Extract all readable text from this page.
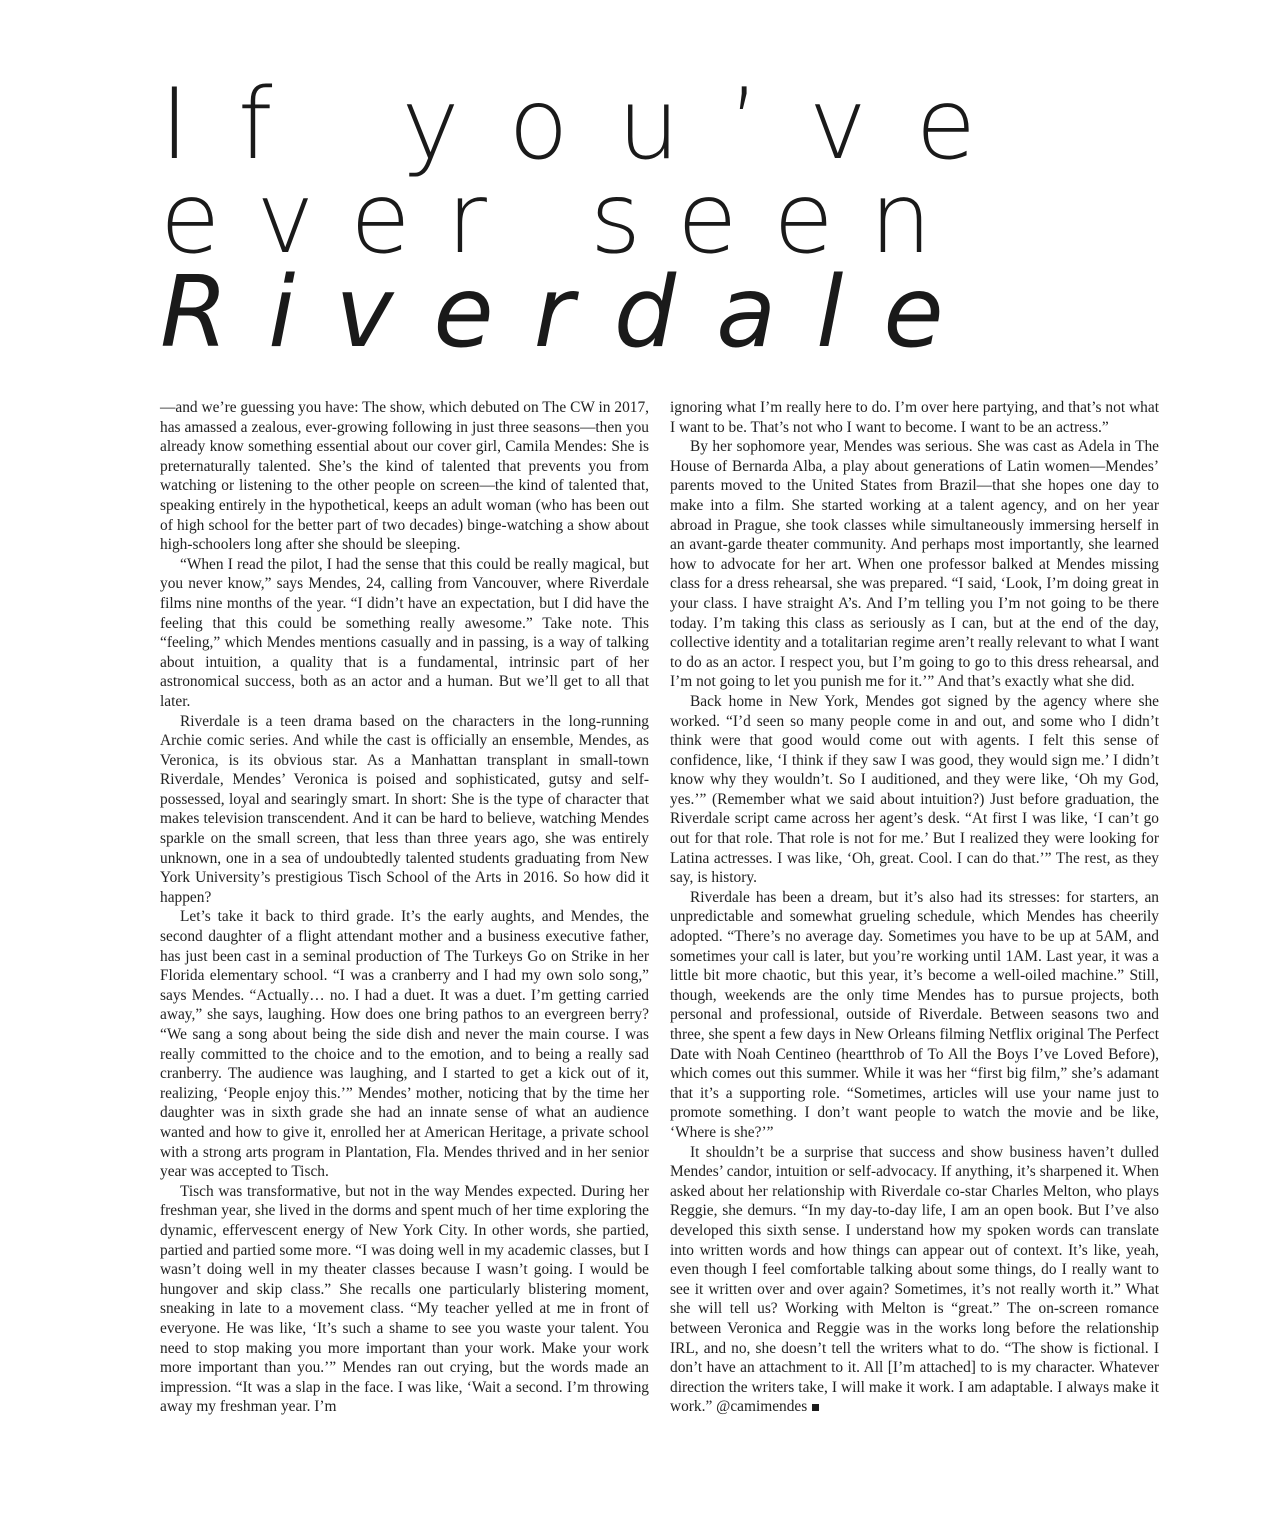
If you’ve
ever seen
Riverdale

—and we’re guessing you have: The show, which debuted on The CW in 2017, has amassed a zealous, ever-growing following in just three seasons—then you already know something essential about our cover girl, Camila Mendes: She is preternaturally talented. She’s the kind of talented that prevents you from watching or listening to the other people on screen—the kind of talented that, speaking entirely in the hypothetical, keeps an adult woman (who has been out of high school for the better part of two decades) binge-watching a show about high-schoolers long after she should be sleeping.

“When I read the pilot, I had the sense that this could be really magical, but you never know,” says Mendes, 24, calling from Vancouver, where Riverdale films nine months of the year. “I didn’t have an expectation, but I did have the feeling that this could be something really awesome.” Take note. This “feeling,” which Mendes mentions casually and in passing, is a way of talking about intuition, a quality that is a fundamental, intrinsic part of her astronomical success, both as an actor and a human. But we’ll get to all that later.

Riverdale is a teen drama based on the characters in the long-running Archie comic series. And while the cast is officially an ensemble, Mendes, as Veronica, is its obvious star. As a Manhattan transplant in small-town Riverdale, Mendes’ Veronica is poised and sophisticated, gutsy and self-possessed, loyal and searingly smart. In short: She is the type of character that makes television transcendent. And it can be hard to believe, watching Mendes sparkle on the small screen, that less than three years ago, she was entirely unknown, one in a sea of undoubtedly talented students graduating from New York University’s prestigious Tisch School of the Arts in 2016. So how did it happen?

Let’s take it back to third grade. It’s the early aughts, and Mendes, the second daughter of a flight attendant mother and a business executive father, has just been cast in a seminal production of The Turkeys Go on Strike in her Florida elementary school. “I was a cranberry and I had my own solo song,” says Mendes. “Actually… no. I had a duet. It was a duet. I’m getting carried away,” she says, laughing. How does one bring pathos to an evergreen berry? “We sang a song about being the side dish and never the main course. I was really committed to the choice and to the emotion, and to being a really sad cranberry. The audience was laughing, and I started to get a kick out of it, realizing, ‘People enjoy this.’” Mendes’ mother, noticing that by the time her daughter was in sixth grade she had an innate sense of what an audience wanted and how to give it, enrolled her at American Heritage, a private school with a strong arts program in Plantation, Fla. Mendes thrived and in her senior year was accepted to Tisch.

Tisch was transformative, but not in the way Mendes expected. During her freshman year, she lived in the dorms and spent much of her time exploring the dynamic, effervescent energy of New York City. In other words, she partied, partied and partied some more. “I was doing well in my academic classes, but I wasn’t doing well in my theater classes because I wasn’t going. I would be hungover and skip class.” She recalls one particularly blistering moment, sneaking in late to a movement class. “My teacher yelled at me in front of everyone. He was like, ‘It’s such a shame to see you waste your talent. You need to stop making you more important than your work. Make your work more important than you.’” Mendes ran out crying, but the words made an impression. “It was a slap in the face. I was like, ‘Wait a second. I’m throwing away my freshman year. I’m

ignoring what I’m really here to do. I’m over here partying, and that’s not what I want to be. That’s not who I want to become. I want to be an actress.”

By her sophomore year, Mendes was serious. She was cast as Adela in The House of Bernarda Alba, a play about generations of Latin women—Mendes’ parents moved to the United States from Brazil—that she hopes one day to make into a film. She started working at a talent agency, and on her year abroad in Prague, she took classes while simultaneously immersing herself in an avant-garde theater community. And perhaps most importantly, she learned how to advocate for her art. When one professor balked at Mendes missing class for a dress rehearsal, she was prepared. “I said, ‘Look, I’m doing great in your class. I have straight A’s. And I’m telling you I’m not going to be there today. I’m taking this class as seriously as I can, but at the end of the day, collective identity and a totalitarian regime aren’t really relevant to what I want to do as an actor. I respect you, but I’m going to go to this dress rehearsal, and I’m not going to let you punish me for it.’” And that’s exactly what she did.

Back home in New York, Mendes got signed by the agency where she worked. “I’d seen so many people come in and out, and some who I didn’t think were that good would come out with agents. I felt this sense of confidence, like, ‘I think if they saw I was good, they would sign me.’ I didn’t know why they wouldn’t. So I auditioned, and they were like, ‘Oh my God, yes.’” (Remember what we said about intuition?) Just before graduation, the Riverdale script came across her agent’s desk. “At first I was like, ‘I can’t go out for that role. That role is not for me.’ But I realized they were looking for Latina actresses. I was like, ‘Oh, great. Cool. I can do that.’” The rest, as they say, is history.

Riverdale has been a dream, but it’s also had its stresses: for starters, an unpredictable and somewhat grueling schedule, which Mendes has cheerily adopted. “There’s no average day. Sometimes you have to be up at 5AM, and sometimes your call is later, but you’re working until 1AM. Last year, it was a little bit more chaotic, but this year, it’s become a well-oiled machine.” Still, though, weekends are the only time Mendes has to pursue projects, both personal and professional, outside of Riverdale. Between seasons two and three, she spent a few days in New Orleans filming Netflix original The Perfect Date with Noah Centineo (heartthrob of To All the Boys I’ve Loved Before), which comes out this summer. While it was her “first big film,” she’s adamant that it’s a supporting role. “Sometimes, articles will use your name just to promote something. I don’t want people to watch the movie and be like, ‘Where is she?’”

It shouldn’t be a surprise that success and show business haven’t dulled Mendes’ candor, intuition or self-advocacy. If anything, it’s sharpened it. When asked about her relationship with Riverdale co-star Charles Melton, who plays Reggie, she demurs. “In my day-to-day life, I am an open book. But I’ve also developed this sixth sense. I understand how my spoken words can translate into written words and how things can appear out of context. It’s like, yeah, even though I feel comfortable talking about some things, do I really want to see it written over and over again? Sometimes, it’s not really worth it.” What she will tell us? Working with Melton is “great.” The on-screen romance between Veronica and Reggie was in the works long before the relationship IRL, and no, she doesn’t tell the writers what to do. “The show is fictional. I don’t have an attachment to it. All [I’m attached] to is my character. Whatever direction the writers take, I will make it work. I am adaptable. I always make it work.” @camimendes
